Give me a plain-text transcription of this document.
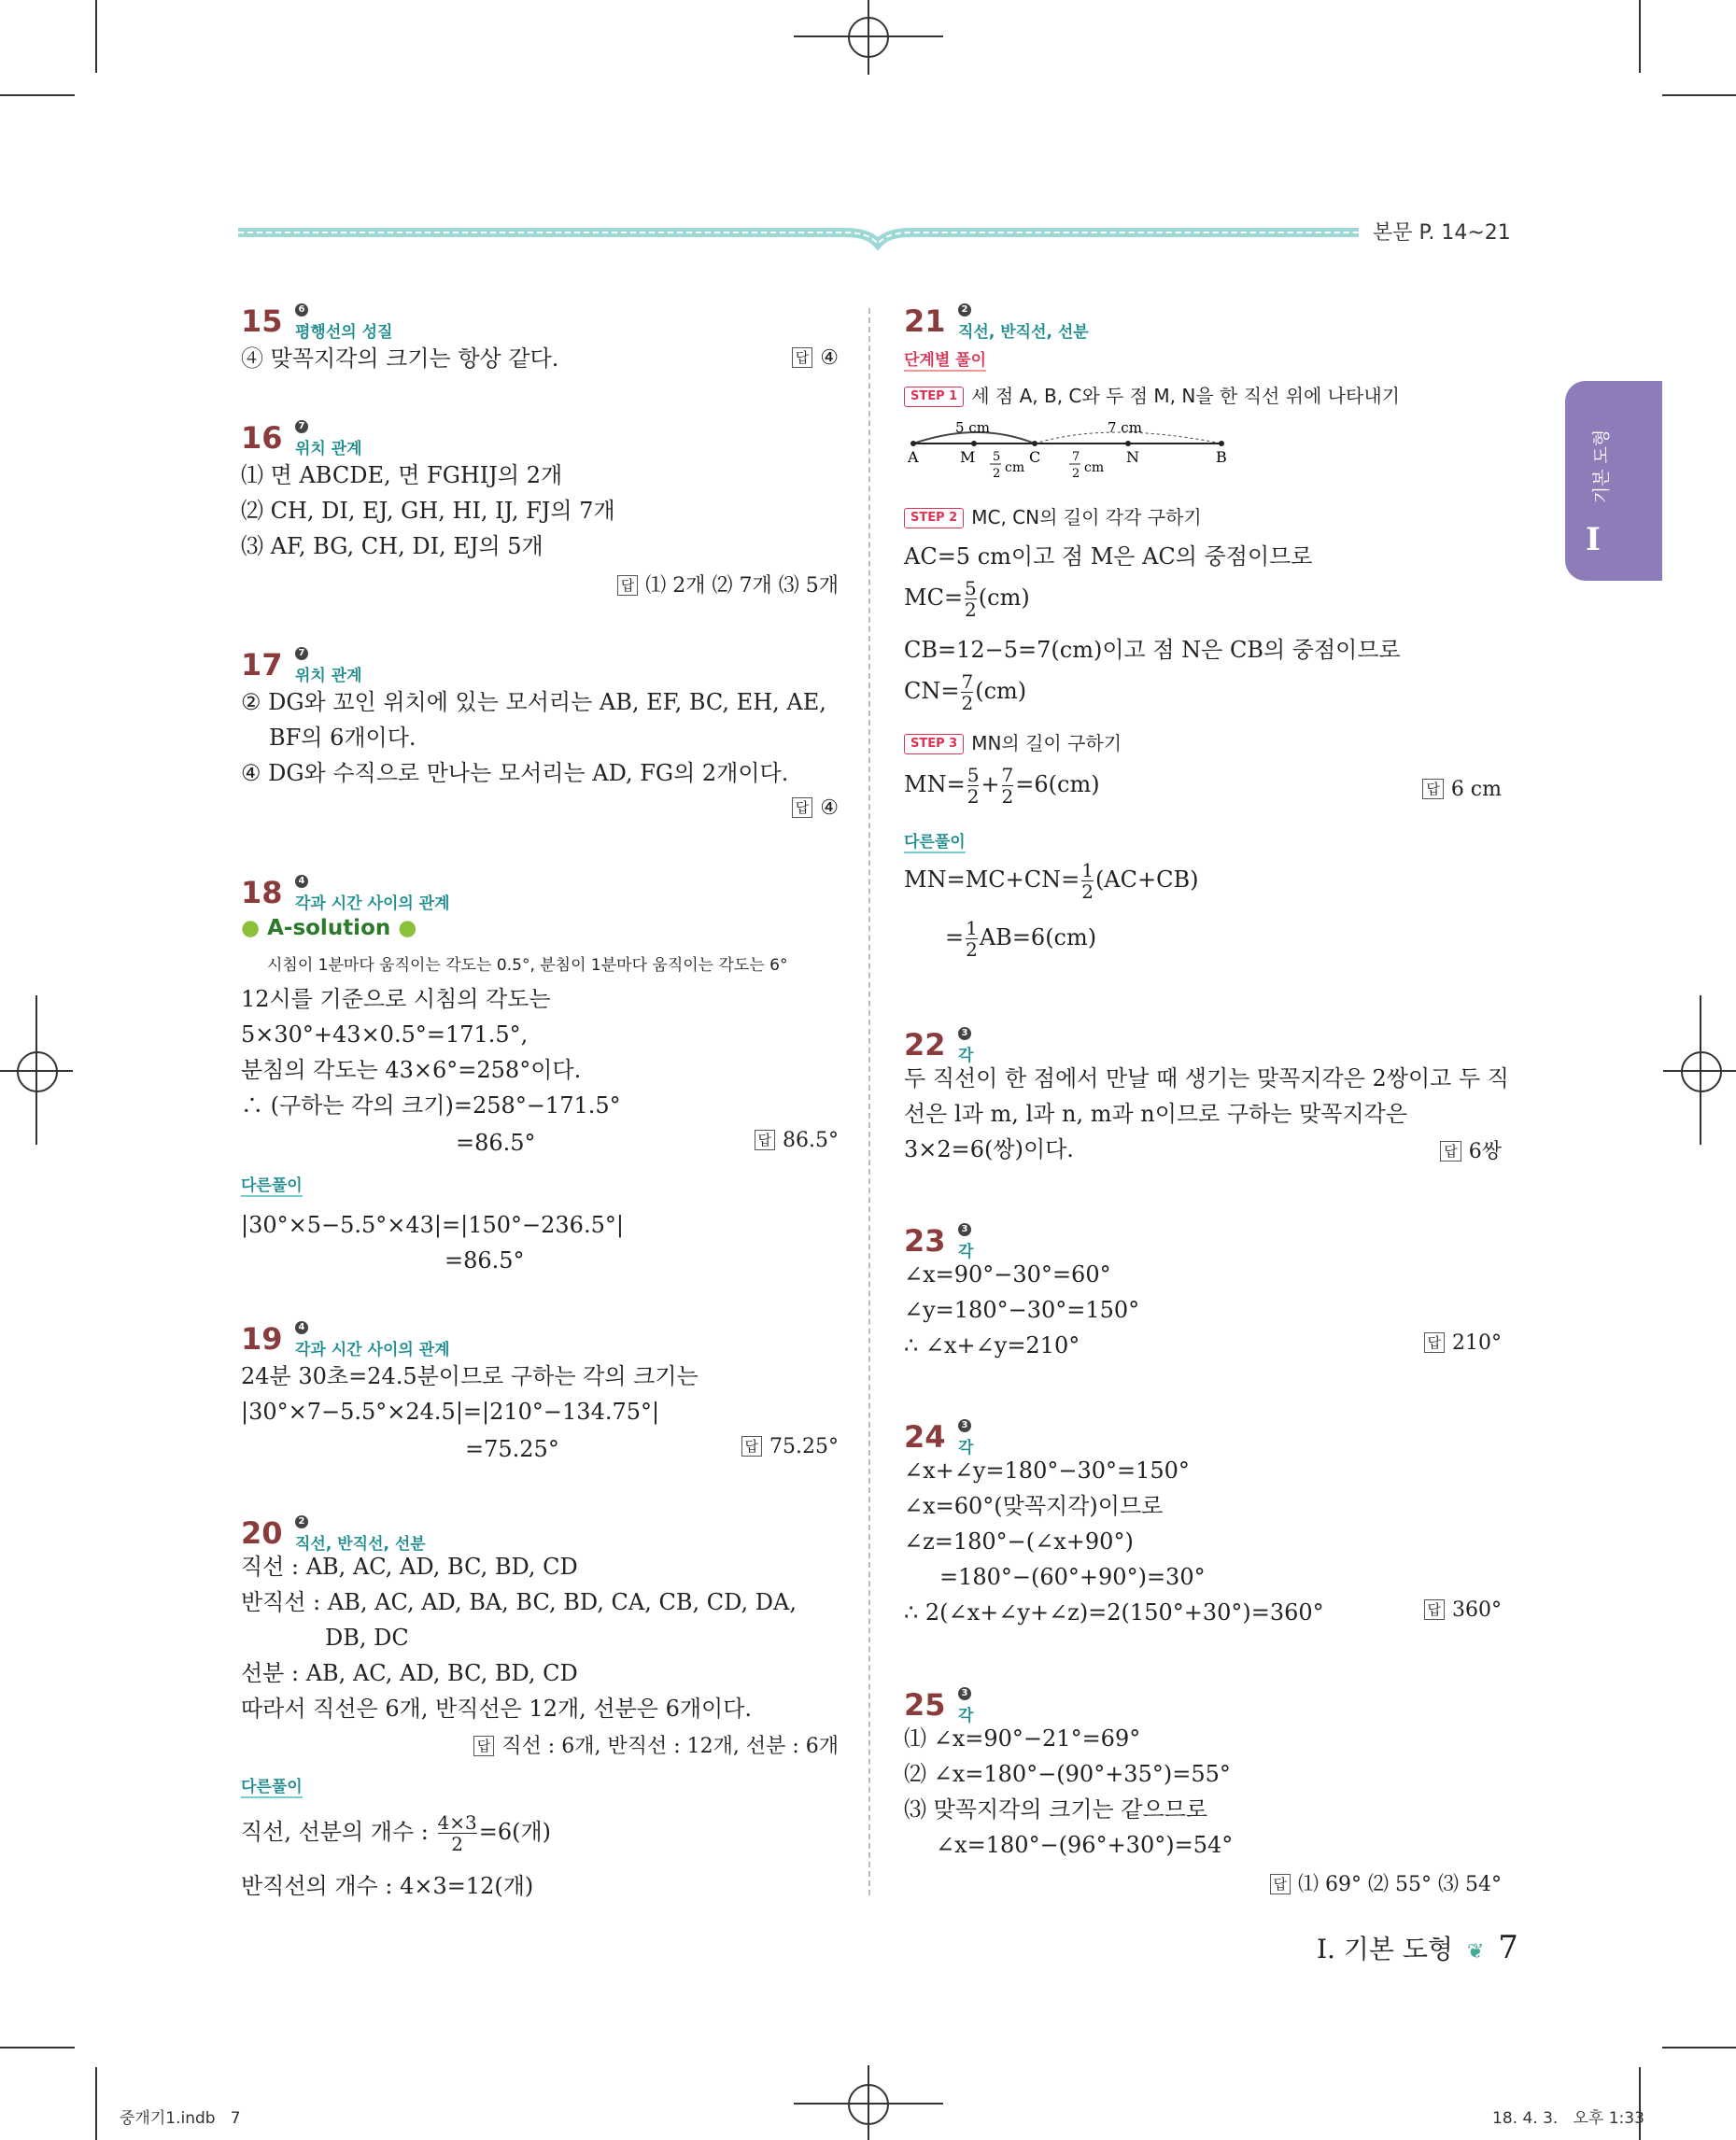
본문 P. 14~21
I
기본 도형
15	6
평행선의 성질
④ 맞꼭지각의 크기는 항상 같다.	답 ④
16	7
위치 관계
⑴ 면 ABCDE, 면 FGHIJ의 2개
⑵ CH, DI, EJ, GH, HI, IJ, FJ의 7개
⑶ AF, BG, CH, DI, EJ의 5개
답 ⑴ 2개 ⑵ 7개 ⑶ 5개
17	7
위치 관계
② DG와 꼬인 위치에 있는 모서리는 AB, EF, BC, EH, AE,
BF의 6개이다.
④ DG와 수직으로 만나는 모서리는 AD, FG의 2개이다.
답 ④
18	4
각과 시간 사이의 관계
● A-solution ●
시침이 1분마다 움직이는 각도는 0.5°, 분침이 1분마다 움직이는 각도는 6°
12시를 기준으로 시침의 각도는
5×30°+43×0.5°=171.5°,
분침의 각도는 43×6°=258°이다.
∴ (구하는 각의 크기)=258°−171.5°
=86.5°	답 86.5°
다른풀이
|30°×5−5.5°×43|=|150°−236.5°|
=86.5°
19	4
각과 시간 사이의 관계
24분 30초=24.5분이므로 구하는 각의 크기는
|30°×7−5.5°×24.5|=|210°−134.75°|
=75.25°	답 75.25°
20	2
직선, 반직선, 선분
직선 : AB, AC, AD, BC, BD, CD
반직선 : AB, AC, AD, BA, BC, BD, CA, CB, CD, DA,
DB, DC
선분 : AB, AC, AD, BC, BD, CD
따라서 직선은 6개, 반직선은 12개, 선분은 6개이다.
답 직선 : 6개, 반직선 : 12개, 선분 : 6개
다른풀이
직선, 선분의 개수 : $\frac{4\times 3}{2} =6$(개)
반직선의 개수 : 4×3=12(개)
21	2
직선, 반직선, 선분
단계별 풀이
STEP 1 세 점 A, B, C와 두 점 M, N을 한 직선 위에 나타내기
5 cm	7 cm
A	M	C	N	B
5
2 cm
7
2 cm
STEP 2 MC, CN의 길이 각각 구하기
AC=5 cm이고 점 M은 AC의 중점이므로
$MC= \frac{5}{2} (cm)$
CB=12−5=7(cm)이고 점 N은 CB의 중점이므로
$CN= \frac{7}{2} (cm)$
STEP 3 MN의 길이 구하기
$MN= \frac{5}{2} + \frac{7}{2} =6(cm)$	답 6 cm
다른풀이
$MN=MC+CN= \frac{1}{2} (AC+CB)$
= $\frac{1}{2} AB=6(cm)$
22	3
각
두 직선이 한 점에서 만날 때 생기는 맞꼭지각은 2쌍이고 두 직
선은 l과 m, l과 n, m과 n이므로 구하는 맞꼭지각은
3×2=6(쌍)이다.	답 6쌍
23	3
각
∠x=90°−30°=60°
∠y=180°−30°=150°
∴ ∠x+∠y=210°	답 210°
24	3
각
∠x+∠y=180°−30°=150°
∠x=60°(맞꼭지각)이므로
∠z=180°−(∠x+90°)
=180°−(60°+90°)=30°
∴ 2(∠x+∠y+∠z)=2(150°+30°)=360°	답 360°
25	3
각
⑴ ∠x=90°−21°=69°
⑵ ∠x=180°−(90°+35°)=55°
⑶ 맞꼭지각의 크기는 같으므로
∠x=180°−(96°+30°)=54°
답 ⑴ 69° ⑵ 55° ⑶ 54°
I. 기본 도형 ❦ 7
중개기1.indb   7	18. 4. 3.   오후 1:33
